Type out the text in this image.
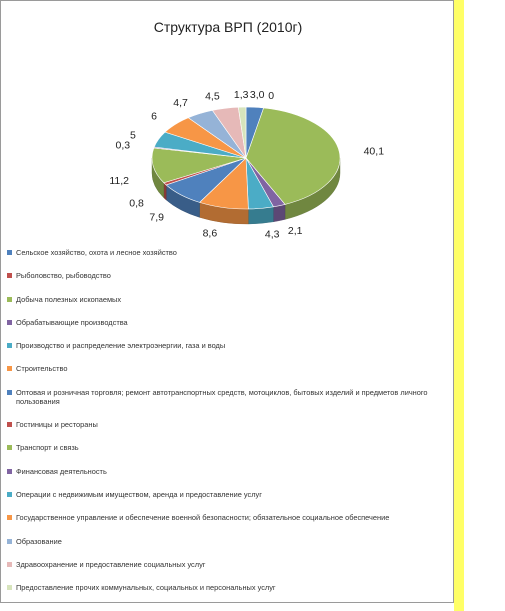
Структура ВРП (2010г)
3,0 0
40,1
2,1
4,3
8,6
7,9
0,8
11,2
0,3
5
6
4,7
4,5 1,3
Сельское хозяйство, охота и лесное хозяйство
Рыболовство, рыбоводство
Добыча полезных ископаемых
Обрабатывающие производства
Производство и распределение электроэнергии, газа и воды
Строительство
Оптовая и розничная торговля; ремонт автотранспортных средств, мотоциклов, бытовых изделий и предметов личного пользования
Гостиницы и рестораны
Транспорт и связь
Финансовая деятельность
Операции с недвижимым имуществом, аренда и предоставление услуг
Государственное управление и обеспечение военной безопасности; обязательное социальное обеспечение
Образование
Здравоохранение и предоставление социальных услуг
Предоставление прочих коммунальных, социальных и персональных услуг
